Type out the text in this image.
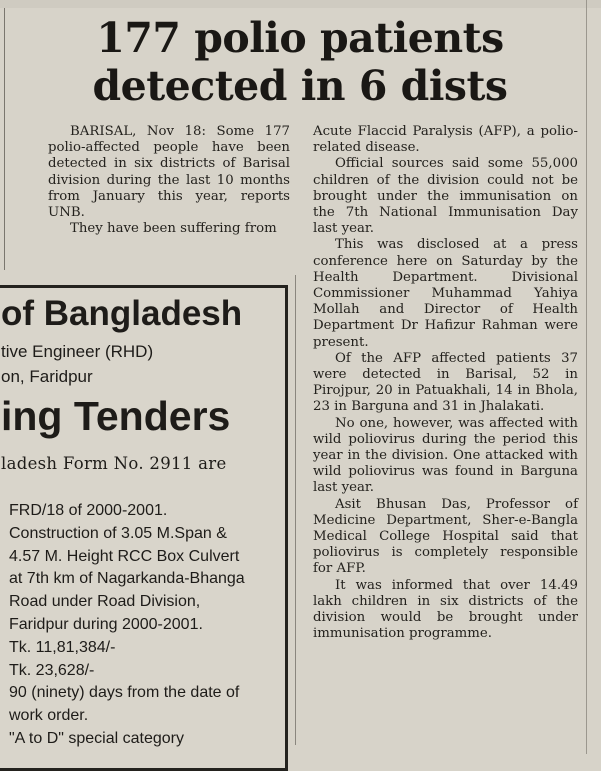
177 polio patients
detected in 6 dists

BARISAL, Nov 18: Some 177 polio-affected people have been detected in six districts of Barisal division during the last 10 months from January this year, reports UNB.

They have been suffering from

Acute Flaccid Paralysis (AFP), a polio-related disease.

Official sources said some 55,000 children of the division could not be brought under the immunisation on the 7th National Immunisation Day last year.

This was disclosed at a press conference here on Saturday by the Health Department. Divisional Commissioner Muhammad Yahiya Mollah and Director of Health Department Dr Hafizur Rahman were present.

Of the AFP affected patients 37 were detected in Barisal, 52 in Pirojpur, 20 in Patuakhali, 14 in Bhola, 23 in Barguna and 31 in Jhalakati.

No one, however, was affected with wild poliovirus during the period this year in the division. One attacked with wild poliovirus was found in Barguna last year.

Asit Bhusan Das, Professor of Medicine Department, Sher-e-Bangla Medical College Hospital said that poliovirus is completely responsible for AFP.

It was informed that over 14.49 lakh children in six districts of the division would be brought under immunisation programme.

of Bangladesh
tive Engineer (RHD)
on, Faridpur
ing Tenders
ladesh Form No. 2911 are
FRD/18 of 2000-2001.
Construction of 3.05 M.Span &
4.57 M. Height RCC Box Culvert
at 7th km of Nagarkanda-Bhanga
Road under Road Division,
Faridpur during 2000-2001.
Tk. 11,81,384/-
Tk. 23,628/-
90 (ninety) days from the date of
work order.
"A to D" special category
